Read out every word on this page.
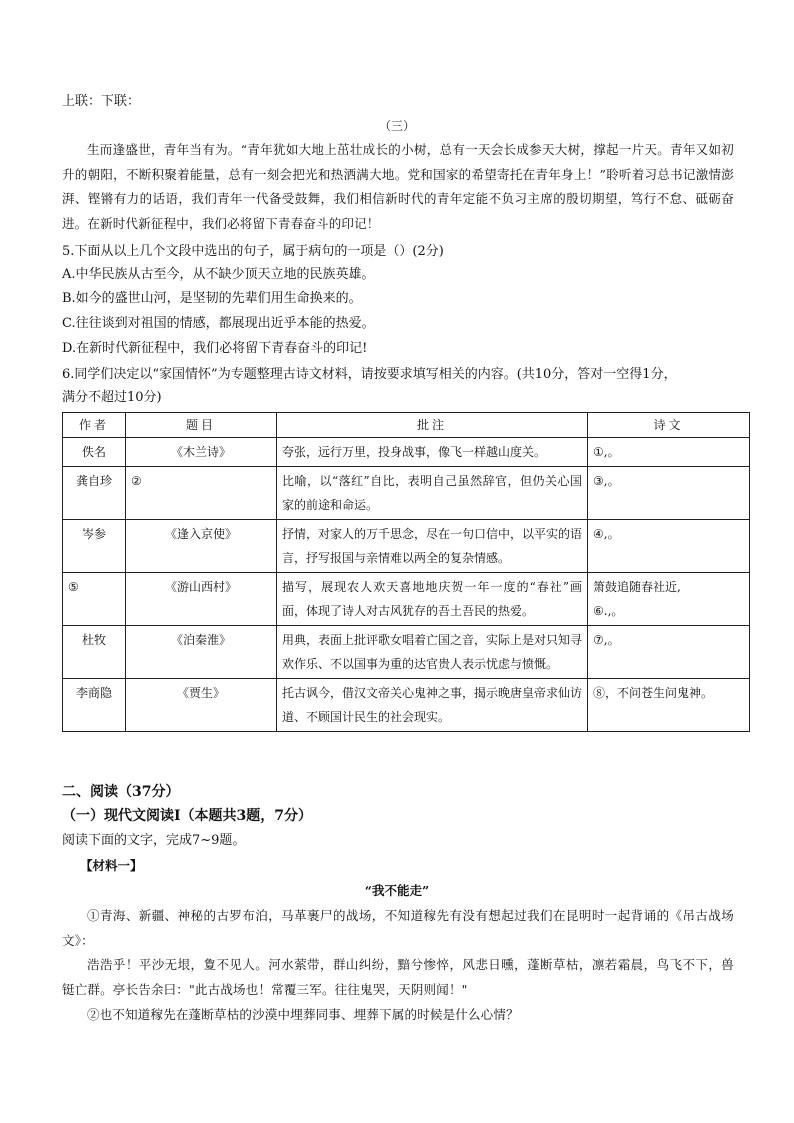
上联：下联：
（三）
生而逢盛世，青年当有为。“青年犹如大地上茁壮成长的小树，总有一天会长成参天大树，撑起一片天。青年又如初升的朝阳，不断积聚着能量，总有一刻会把光和热洒满大地。党和国家的希望寄托在青年身上！”聆听着习总书记激情澎湃、铿锵有力的话语，我们青年一代备受鼓舞，我们相信新时代的青年定能不负习主席的殷切期望，笃行不怠、砥砺奋进。在新时代新征程中，我们必将留下青春奋斗的印记！
5.下面从以上几个文段中选出的句子，属于病句的一项是（）(2分)
A.中华民族从古至今，从不缺少顶天立地的民族英雄。
B.如今的盛世山河，是坚韧的先辈们用生命换来的。
C.往往谈到对祖国的情感，都展现出近乎本能的热爱。
D.在新时代新征程中，我们必将留下青春奋斗的印记!
6.同学们决定以“家国情怀”为专题整理古诗文材料，请按要求填写相关的内容。(共10分，答对一空得1分，
满分不超过10分)
作者	题目	批注	诗文
佚名	《木兰诗》	夸张，远行万里，投身战事，像飞一样越山度关。	①,。
龚自珍	②	比喻，以“落红”自比，表明自己虽然辞官，但仍关心国家的前途和命运。	③,。
岑参	《逢入京使》	抒情，对家人的万千思念，尽在一句口信中，以平实的语言，抒写报国与亲情难以两全的复杂情感。	④,。
⑤	《游山西村》	描写，展现农人欢天喜地地庆贺一年一度的“春社”画面，体现了诗人对古风犹存的吾土吾民的热爱。	箫鼓追随春社近,
⑥.,。
杜牧	《泊秦淮》	用典，表面上批评歌女唱着亡国之音，实际上是对只知寻欢作乐、不以国事为重的达官贵人表示忧虑与愤慨。	⑦,。
李商隐	《贾生》	托古讽今，借汉文帝关心鬼神之事，揭示晚唐皇帝求仙访道、不顾国计民生的社会现实。	⑧，不问苍生问鬼神。
二、阅读（37分）
（一）现代文阅读Ⅰ（本题共3题，7分）
阅读下面的文字，完成7~9题。
【材料一】
“我不能走”
①青海、新疆、神秘的古罗布泊，马革裹尸的战场，不知道稼先有没有想起过我们在昆明时一起背诵的《吊古战场文》：
浩浩乎！平沙无垠，夐不见人。河水萦带，群山纠纷，黯兮惨悴，风悲日曛，蓬断草枯，凛若霜晨，鸟飞不下，兽铤亡群。亭长告余曰："此古战场也！常覆三军。往往鬼哭，天阴则闻！"
②也不知道稼先在蓬断草枯的沙漠中埋葬同事、埋葬下属的时候是什么心情？
